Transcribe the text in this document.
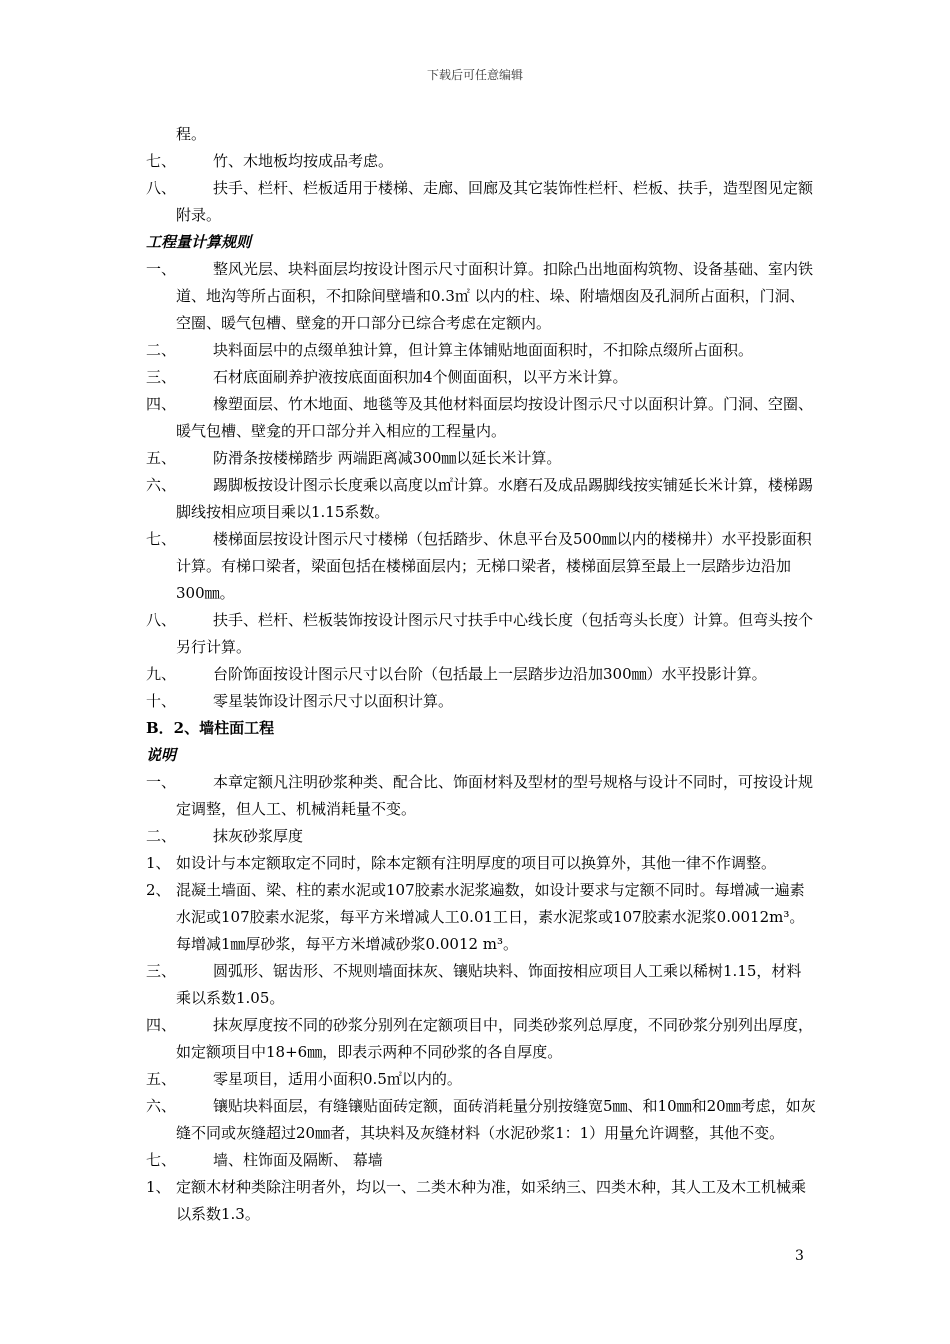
下载后可任意编辑

程。

七、	竹、木地板均按成品考虑。

八、	扶手、栏杆、栏板适用于楼梯、走廊、回廊及其它装饰性栏杆、栏板、扶手，造型图见定额附录。

工程量计算规则

一、	整风光层、块料面层均按设计图示尺寸面积计算。扣除凸出地面构筑物、设备基础、室内铁道、地沟等所占面积，不扣除间壁墙和0.3㎡ 以内的柱、垛、附墙烟囱及孔洞所占面积，门洞、空圈、暖气包槽、壁龛的开口部分已综合考虑在定额内。

二、	块料面层中的点缀单独计算，但计算主体铺贴地面面积时，不扣除点缀所占面积。

三、	石材底面刷养护液按底面面积加4个侧面面积，以平方米计算。

四、	橡塑面层、竹木地面、地毯等及其他材料面层均按设计图示尺寸以面积计算。门洞、空圈、暖气包槽、壁龛的开口部分并入相应的工程量内。

五、	防滑条按楼梯踏步 两端距离减300㎜以延长米计算。

六、	踢脚板按设计图示长度乘以高度以㎡计算。水磨石及成品踢脚线按实铺延长米计算，楼梯踢脚线按相应项目乘以1.15系数。

七、	楼梯面层按设计图示尺寸楼梯（包括踏步、休息平台及500㎜以内的楼梯井）水平投影面积计算。有梯口梁者，梁面包括在楼梯面层内；无梯口梁者，楼梯面层算至最上一层踏步边沿加300㎜。

八、	扶手、栏杆、栏板装饰按设计图示尺寸扶手中心线长度（包括弯头长度）计算。但弯头按个另行计算。

九、	台阶饰面按设计图示尺寸以台阶（包括最上一层踏步边沿加300㎜）水平投影计算。

十、	零星装饰设计图示尺寸以面积计算。

B．2、墙柱面工程

说明

一、	本章定额凡注明砂浆种类、配合比、饰面材料及型材的型号规格与设计不同时，可按设计规定调整，但人工、机械消耗量不变。

二、	抹灰砂浆厚度

1、 如设计与本定额取定不同时，除本定额有注明厚度的项目可以换算外，其他一律不作调整。

2、 混凝土墙面、梁、柱的素水泥或107胶素水泥浆遍数，如设计要求与定额不同时。每增减一遍素水泥或107胶素水泥浆，每平方米增减人工0.01工日，素水泥浆或107胶素水泥浆0.0012m³。每增减1㎜厚砂浆，每平方米增减砂浆0.0012 m³。

三、	圆弧形、锯齿形、不规则墙面抹灰、镶贴块料、饰面按相应项目人工乘以稀树1.15，材料乘以系数1.05。

四、	抹灰厚度按不同的砂浆分别列在定额项目中，同类砂浆列总厚度，不同砂浆分别列出厚度，如定额项目中18+6㎜，即表示两种不同砂浆的各自厚度。

五、	零星项目，适用小面积0.5㎡以内的。

六、	镶贴块料面层，有缝镶贴面砖定额，面砖消耗量分别按缝宽5㎜、和10㎜和20㎜考虑，如灰缝不同或灰缝超过20㎜者，其块料及灰缝材料（水泥砂浆1：1）用量允许调整，其他不变。

七、	墙、柱饰面及隔断、 幕墙

1、 定额木材种类除注明者外，均以一、二类木种为准，如采纳三、四类木种，其人工及木工机械乘以系数1.3。

3
